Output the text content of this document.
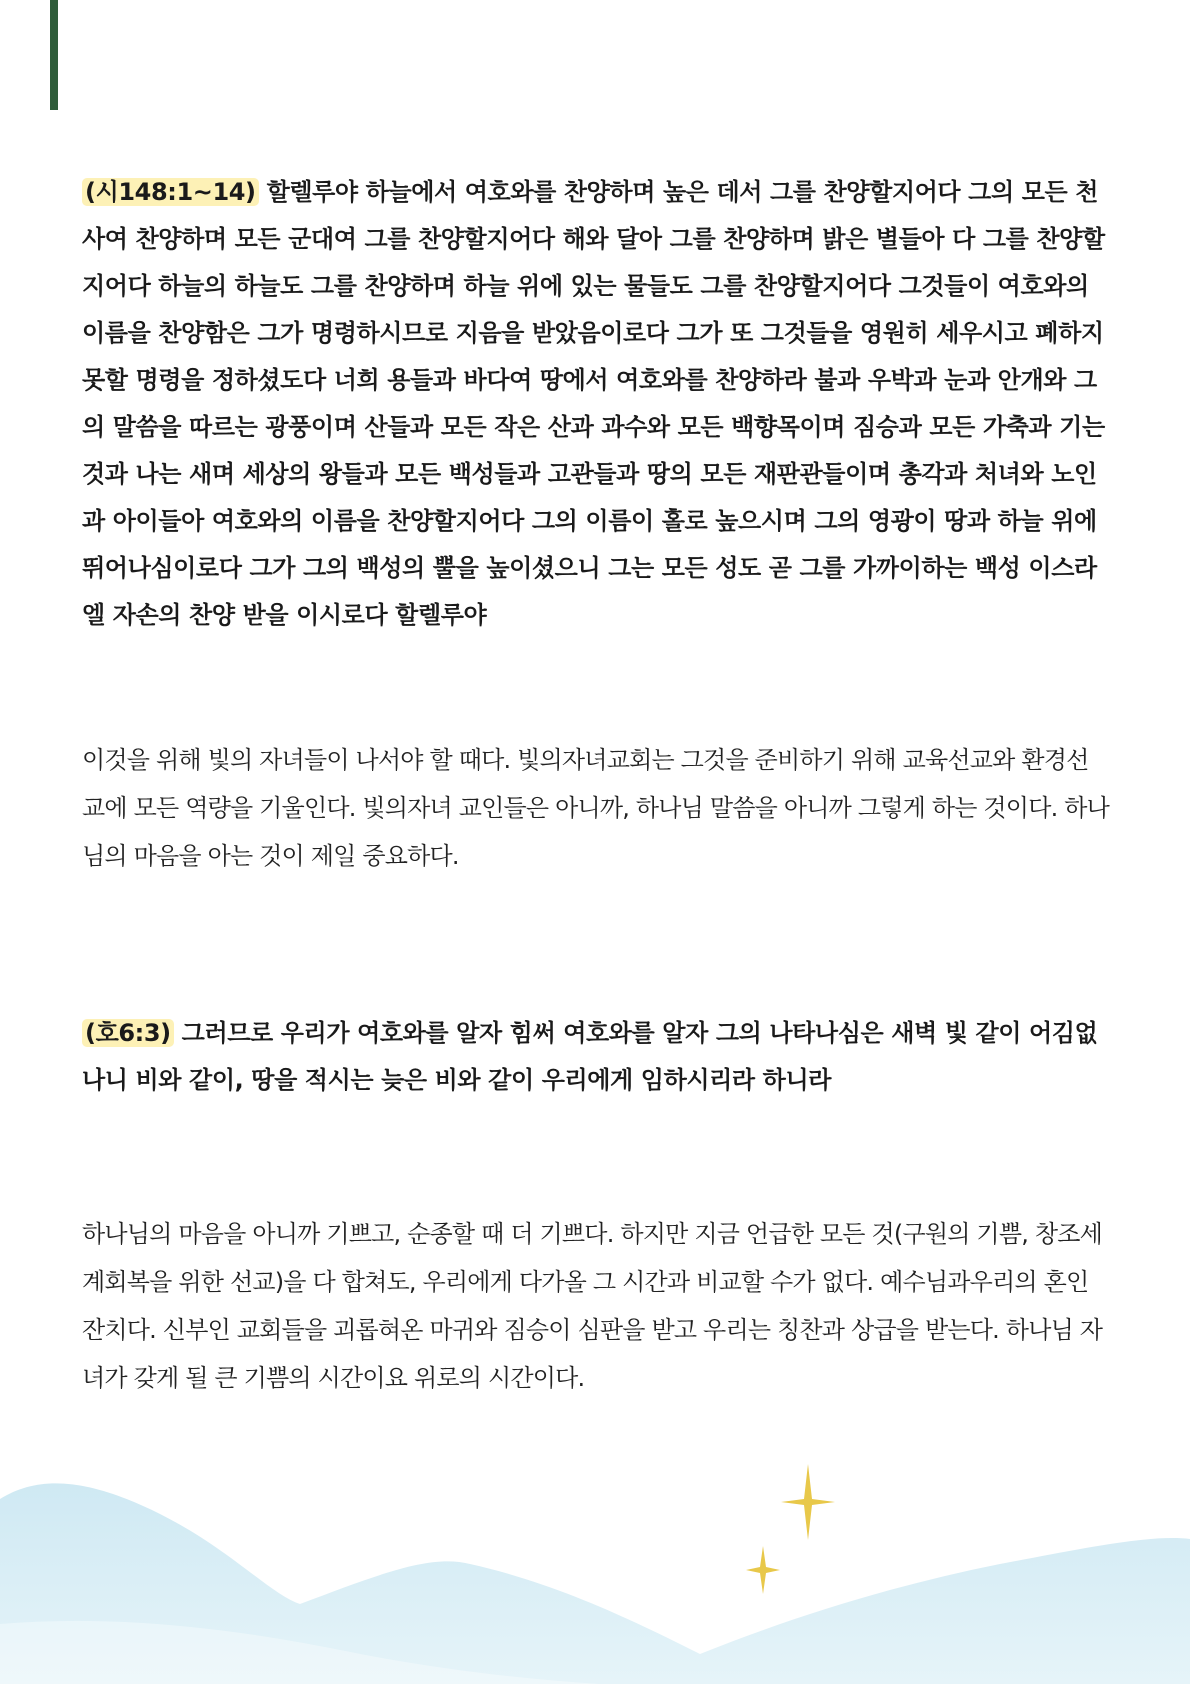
(시148:1~14) 할렐루야 하늘에서 여호와를 찬양하며 높은 데서 그를 찬양할지어다 그의 모든 천사여 찬양하며 모든 군대여 그를 찬양할지어다 해와 달아 그를 찬양하며 밝은 별들아 다 그를 찬양할지어다 하늘의 하늘도 그를 찬양하며 하늘 위에 있는 물들도 그를 찬양할지어다 그것들이 여호와의 이름을 찬양함은 그가 명령하시므로 지음을 받았음이로다 그가 또 그것들을 영원히 세우시고 폐하지 못할 명령을 정하셨도다 너희 용들과 바다여 땅에서 여호와를 찬양하라 불과 우박과 눈과 안개와 그의 말씀을 따르는 광풍이며 산들과 모든 작은 산과 과수와 모든 백향목이며 짐승과 모든 가축과 기는 것과 나는 새며 세상의 왕들과 모든 백성들과 고관들과 땅의 모든 재판관들이며 총각과 처녀와 노인과 아이들아 여호와의 이름을 찬양할지어다 그의 이름이 홀로 높으시며 그의 영광이 땅과 하늘 위에 뛰어나심이로다 그가 그의 백성의 뿔을 높이셨으니 그는 모든 성도 곧 그를 가까이하는 백성 이스라엘 자손의 찬양 받을 이시로다 할렐루야

이것을 위해 빛의 자녀들이 나서야 할 때다. 빛의자녀교회는 그것을 준비하기 위해 교육선교와 환경선교에 모든 역량을 기울인다. 빛의자녀 교인들은 아니까, 하나님 말씀을 아니까 그렇게 하는 것이다. 하나님의 마음을 아는 것이 제일 중요하다.

(호6:3) 그러므로 우리가 여호와를 알자 힘써 여호와를 알자 그의 나타나심은 새벽 빛 같이 어김없나니 비와 같이, 땅을 적시는 늦은 비와 같이 우리에게 임하시리라 하니라

하나님의 마음을 아니까 기쁘고, 순종할 때 더 기쁘다. 하지만 지금 언급한 모든 것(구원의 기쁨, 창조세계회복을 위한 선교)을 다 합쳐도, 우리에게 다가올 그 시간과 비교할 수가 없다. 예수님과우리의 혼인잔치다. 신부인 교회들을 괴롭혀온 마귀와 짐승이 심판을 받고 우리는 칭찬과 상급을 받는다. 하나님 자녀가 갖게 될 큰 기쁨의 시간이요 위로의 시간이다.
